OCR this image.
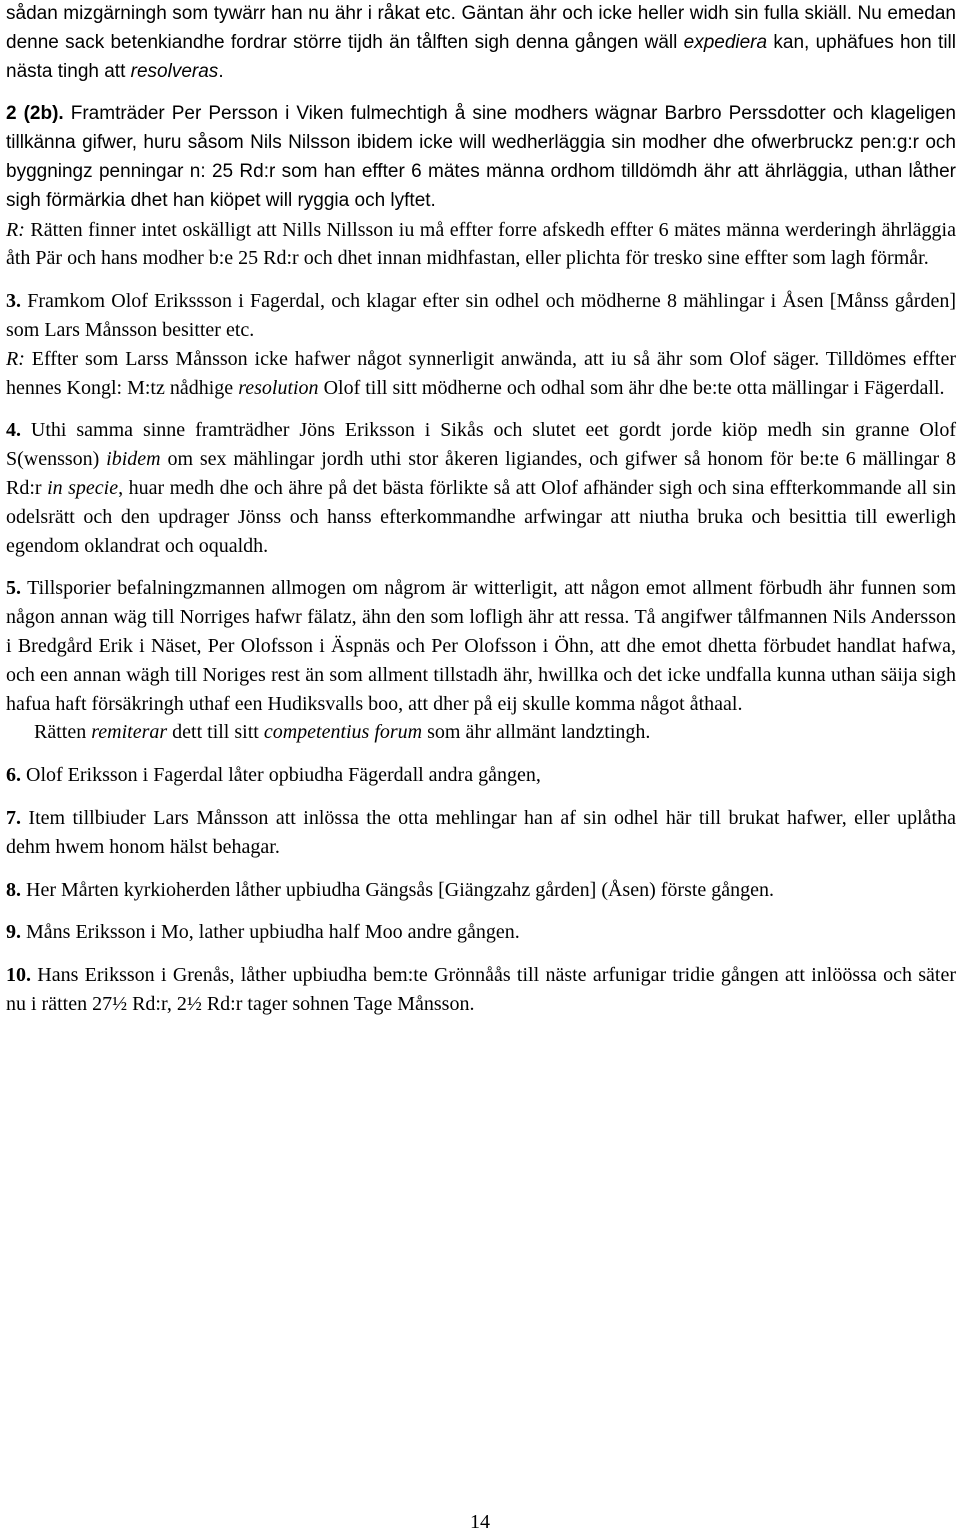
sådan mizgärningh som tywärr han nu ähr i råkat etc. Gäntan ähr och icke heller widh sin fulla skiäll. Nu emedan denne sack betenkiandhe fordrar större tijdh än tålften sigh denna gången wäll expediera kan, uphäfues hon till nästa tingh att resolveras.

2 (2b). Framträder Per Persson i Viken fulmechtigh å sine modhers wägnar Barbro Perssdotter och klageligen tillkänna gifwer, huru såsom Nils Nilsson ibidem icke will wedherläggia sin modher dhe ofwerbruckz pen:g:r och byggningz penningar n: 25 Rd:r som han effter 6 mätes männa ordhom tilldömdh ähr att ährläggia, uthan låther sigh förmärkia dhet han kiöpet will ryggia och lyftet.

R: Rätten finner intet oskälligt att Nills Nillsson iu må effter forre afskedh effter 6 mätes männa werderingh ährläggia åth Pär och hans modher b:e 25 Rd:r och dhet innan midhfastan, eller plichta för tresko sine effter som lagh förmår.

3. Framkom Olof Erikssson i Fagerdal, och klagar efter sin odhel och mödherne 8 mählingar i Åsen [Månss gården] som Lars Månsson besitter etc.

R: Effter som Larss Månsson icke hafwer något synnerligit anwända, att iu så ähr som Olof säger. Tilldömes effter hennes Kongl: M:tz nådhige resolution Olof till sitt mödherne och odhal som ähr dhe be:te otta mällingar i Fägerdall.

4. Uthi samma sinne framträdher Jöns Eriksson i Sikås och slutet eet gordt jorde kiöp medh sin granne Olof S(wensson) ibidem om sex mählingar jordh uthi stor åkeren ligiandes, och gifwer så honom för be:te 6 mällingar 8 Rd:r in specie, huar medh dhe och ähre på det bästa förlikte så att Olof afhänder sigh och sina effterkommande all sin odelsrätt och den updrager Jönss och hanss efterkommandhe arfwingar att niutha bruka och besittia till ewerligh egendom oklandrat och oqualdh.

5. Tillsporier befalningzmannen allmogen om någrom är witterligit, att någon emot allment förbudh ähr funnen som någon annan wäg till Norriges hafwr fälatz, ähn den som lofligh ähr att ressa. Tå angifwer tålfmannen Nils Andersson i Bredgård Erik i Näset, Per Olofsson i Äspnäs och Per Olofsson i Öhn, att dhe emot dhetta förbudet handlat hafwa, och een annan wägh till Noriges rest än som allment tillstadh ähr, hwillka och det icke undfalla kunna uthan säija sigh hafua haft försäkringh uthaf een Hudiksvalls boo, att dher på eij skulle komma något åthaal.

Rätten remiterar dett till sitt competentius forum som ähr allmänt landztingh.

6. Olof Eriksson i Fagerdal låter opbiudha Fägerdall andra gången,

7. Item tillbiuder Lars Månsson att inlössa the otta mehlingar han af sin odhel här till brukat hafwer, eller uplåtha dehm hwem honom hälst behagar.

8. Her Mårten kyrkioherden låther upbiudha Gängsås [Giängzahz gården] (Åsen) förste gången.

9. Måns Eriksson i Mo, lather upbiudha half Moo andre gången.

10. Hans Eriksson i Grenås, låther upbiudha bem:te Grönnåås till näste arfunigar tridie gången att inlöössa och säter nu i rätten 27½ Rd:r, 2½ Rd:r tager sohnen Tage Månsson.

14
